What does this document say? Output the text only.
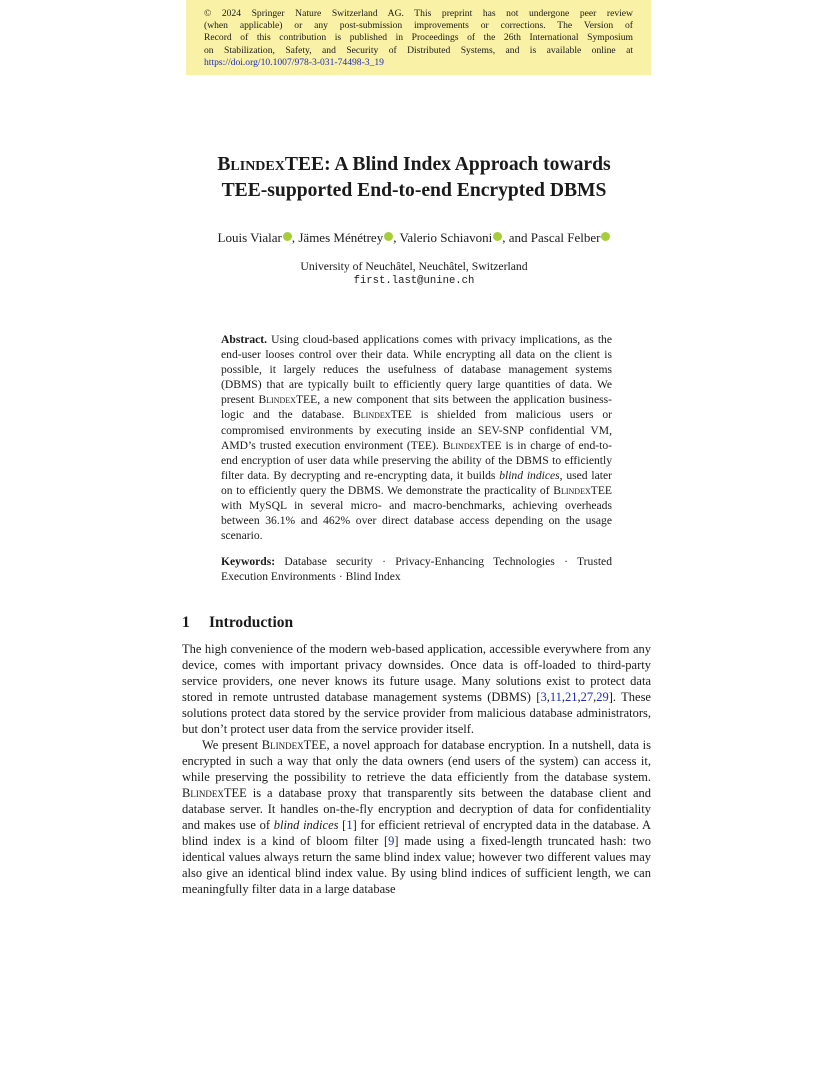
© 2024 Springer Nature Switzerland AG. This preprint has not undergone peer review
(when applicable) or any post-submission improvements or corrections. The Version of
Record of this contribution is published in Proceedings of the 26th International Symposium
on Stabilization, Safety, and Security of Distributed Systems, and is available online at
https://doi.org/10.1007/978-3-031-74498-3_19
BlindexTEE: A Blind Index Approach towards
TEE-supported End-to-end Encrypted DBMS
Louis Vialar , Jämes Ménétrey , Valerio Schiavoni , and Pascal Felber
University of Neuchâtel, Neuchâtel, Switzerland
first.last@unine.ch

Abstract. Using cloud-based applications comes with privacy implications, as the end-user looses control over their data. While encrypting all data on the client is possible, it largely reduces the usefulness of database management systems (DBMS) that are typically built to efficiently query large quantities of data. We present BlindexTEE, a new component that sits between the application business-logic and the database. BlindexTEE is shielded from malicious users or compromised environments by executing inside an SEV-SNP confidential VM, AMD’s trusted execution environment (TEE). BlindexTEE is in charge of end-to-end encryption of user data while preserving the ability of the DBMS to efficiently filter data. By decrypting and re-encrypting data, it builds blind indices, used later on to efficiently query the DBMS. We demonstrate the practicality of BlindexTEE with MySQL in several micro- and macro-benchmarks, achieving overheads between 36.1% and 462% over direct database access depending on the usage scenario.

Keywords: Database security · Privacy-Enhancing Technologies · Trusted Execution Environments · Blind Index

1 Introduction

The high convenience of the modern web-based application, accessible everywhere from any device, comes with important privacy downsides. Once data is off-loaded to third-party service providers, one never knows its future usage. Many solutions exist to protect data stored in remote untrusted database management systems (DBMS) [3,11,21,27,29]. These solutions protect data stored by the service provider from malicious database administrators, but don’t protect user data from the service provider itself.

We present BlindexTEE, a novel approach for database encryption. In a nutshell, data is encrypted in such a way that only the data owners (end users of the system) can access it, while preserving the possibility to retrieve the data efficiently from the database system. BlindexTEE is a database proxy that transparently sits between the database client and database server. It handles on-the-fly encryption and decryption of data for confidentiality and makes use of blind indices [1] for efficient retrieval of encrypted data in the database. A blind index is a kind of bloom filter [9] made using a fixed-length truncated hash: two identical values always return the same blind index value; however two different values may also give an identical blind index value. By using blind indices of sufficient length, we can meaningfully filter data in a large database
